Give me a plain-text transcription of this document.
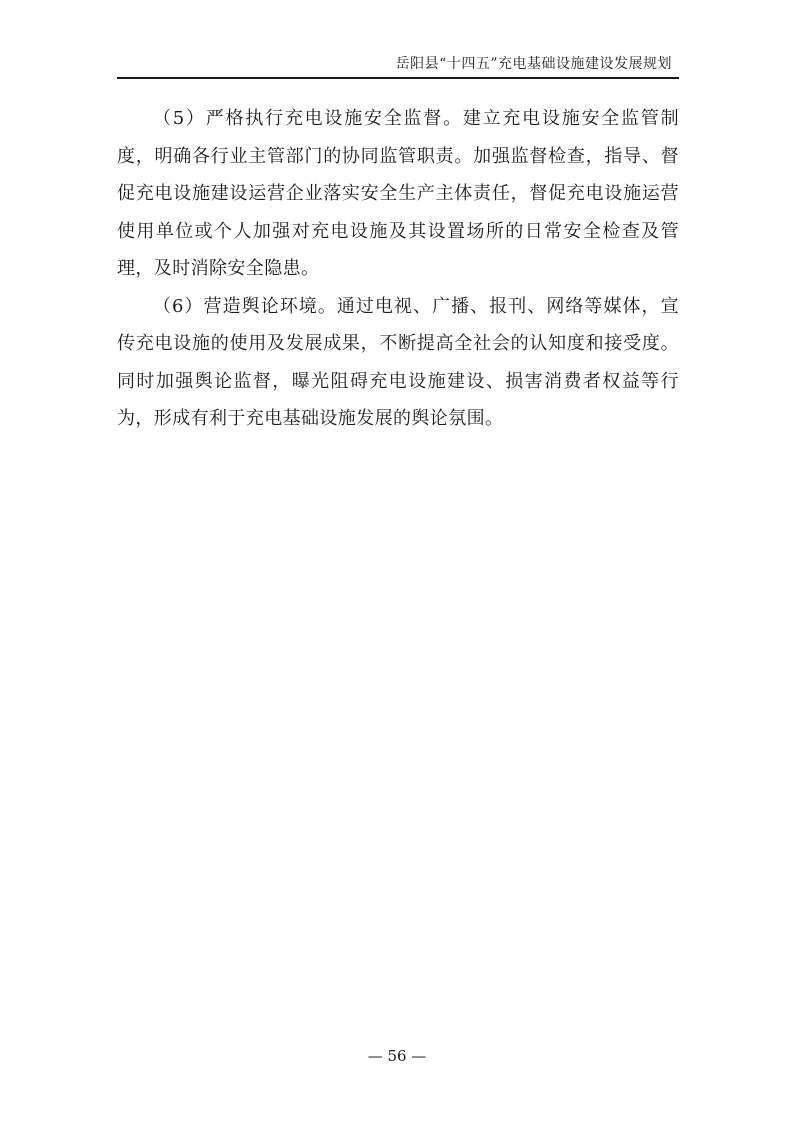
岳阳县“十四五”充电基础设施建设发展规划

（5）严格执行充电设施安全监督。建立充电设施安全监管制度，明确各行业主管部门的协同监管职责。加强监督检查，指导、督促充电设施建设运营企业落实安全生产主体责任，督促充电设施运营使用单位或个人加强对充电设施及其设置场所的日常安全检查及管理，及时消除安全隐患。

（6）营造舆论环境。通过电视、广播、报刊、网络等媒体，宣传充电设施的使用及发展成果，不断提高全社会的认知度和接受度。同时加强舆论监督，曝光阻碍充电设施建设、损害消费者权益等行为，形成有利于充电基础设施发展的舆论氛围。

— 56 —
